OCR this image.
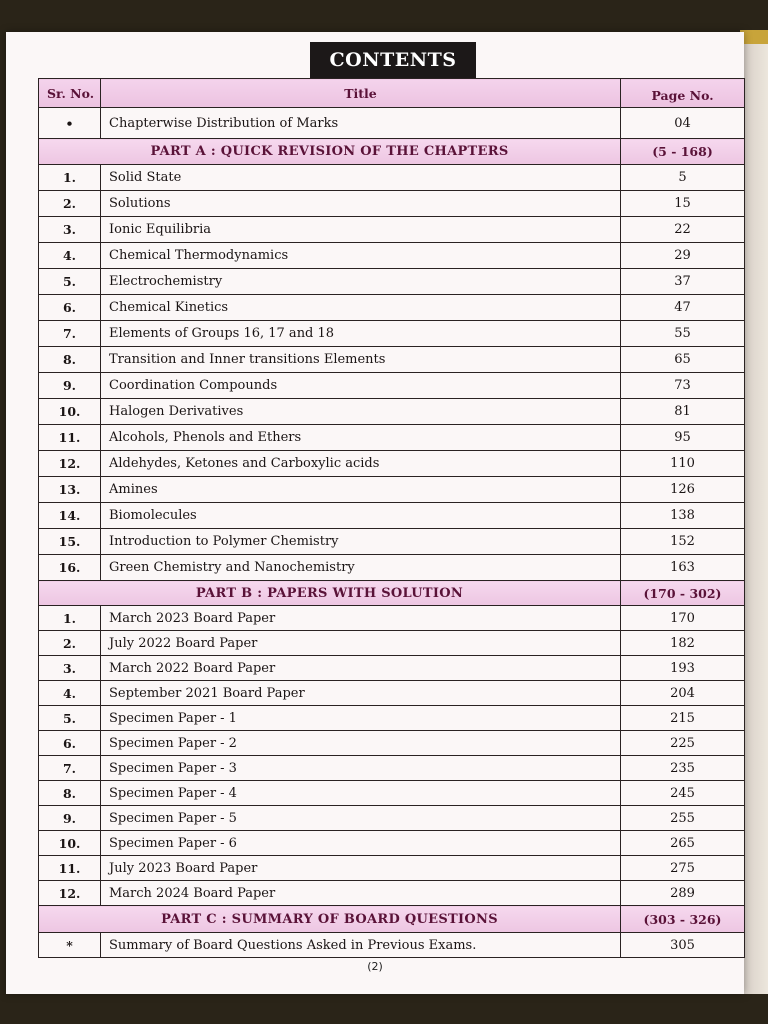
CONTENTS
Sr. No.	Title	Page No.
•	Chapterwise Distribution of Marks	04
PART A : QUICK REVISION OF THE CHAPTERS		(5 - 168)
1.	Solid State	5
2.	Solutions	15
3.	Ionic Equilibria	22
4.	Chemical Thermodynamics	29
5.	Electrochemistry	37
6.	Chemical Kinetics	47
7.	Elements of Groups 16, 17 and 18	55
8.	Transition and Inner transitions Elements	65
9.	Coordination Compounds	73
10.	Halogen Derivatives	81
11.	Alcohols, Phenols and Ethers	95
12.	Aldehydes, Ketones and Carboxylic acids	110
13.	Amines	126
14.	Biomolecules	138
15.	Introduction to Polymer Chemistry	152
16.	Green Chemistry and Nanochemistry	163
PART B : PAPERS WITH SOLUTION		(170 - 302)
1.	March 2023 Board Paper	170
2.	July 2022 Board Paper	182
3.	March 2022 Board Paper	193
4.	September 2021 Board Paper	204
5.	Specimen Paper - 1	215
6.	Specimen Paper - 2	225
7.	Specimen Paper - 3	235
8.	Specimen Paper - 4	245
9.	Specimen Paper - 5	255
10.	Specimen Paper - 6	265
11.	July 2023 Board Paper	275
12.	March 2024 Board Paper	289
PART C : SUMMARY OF BOARD QUESTIONS		(303 - 326)
*	Summary of Board Questions Asked in Previous Exams.	305
(2)
